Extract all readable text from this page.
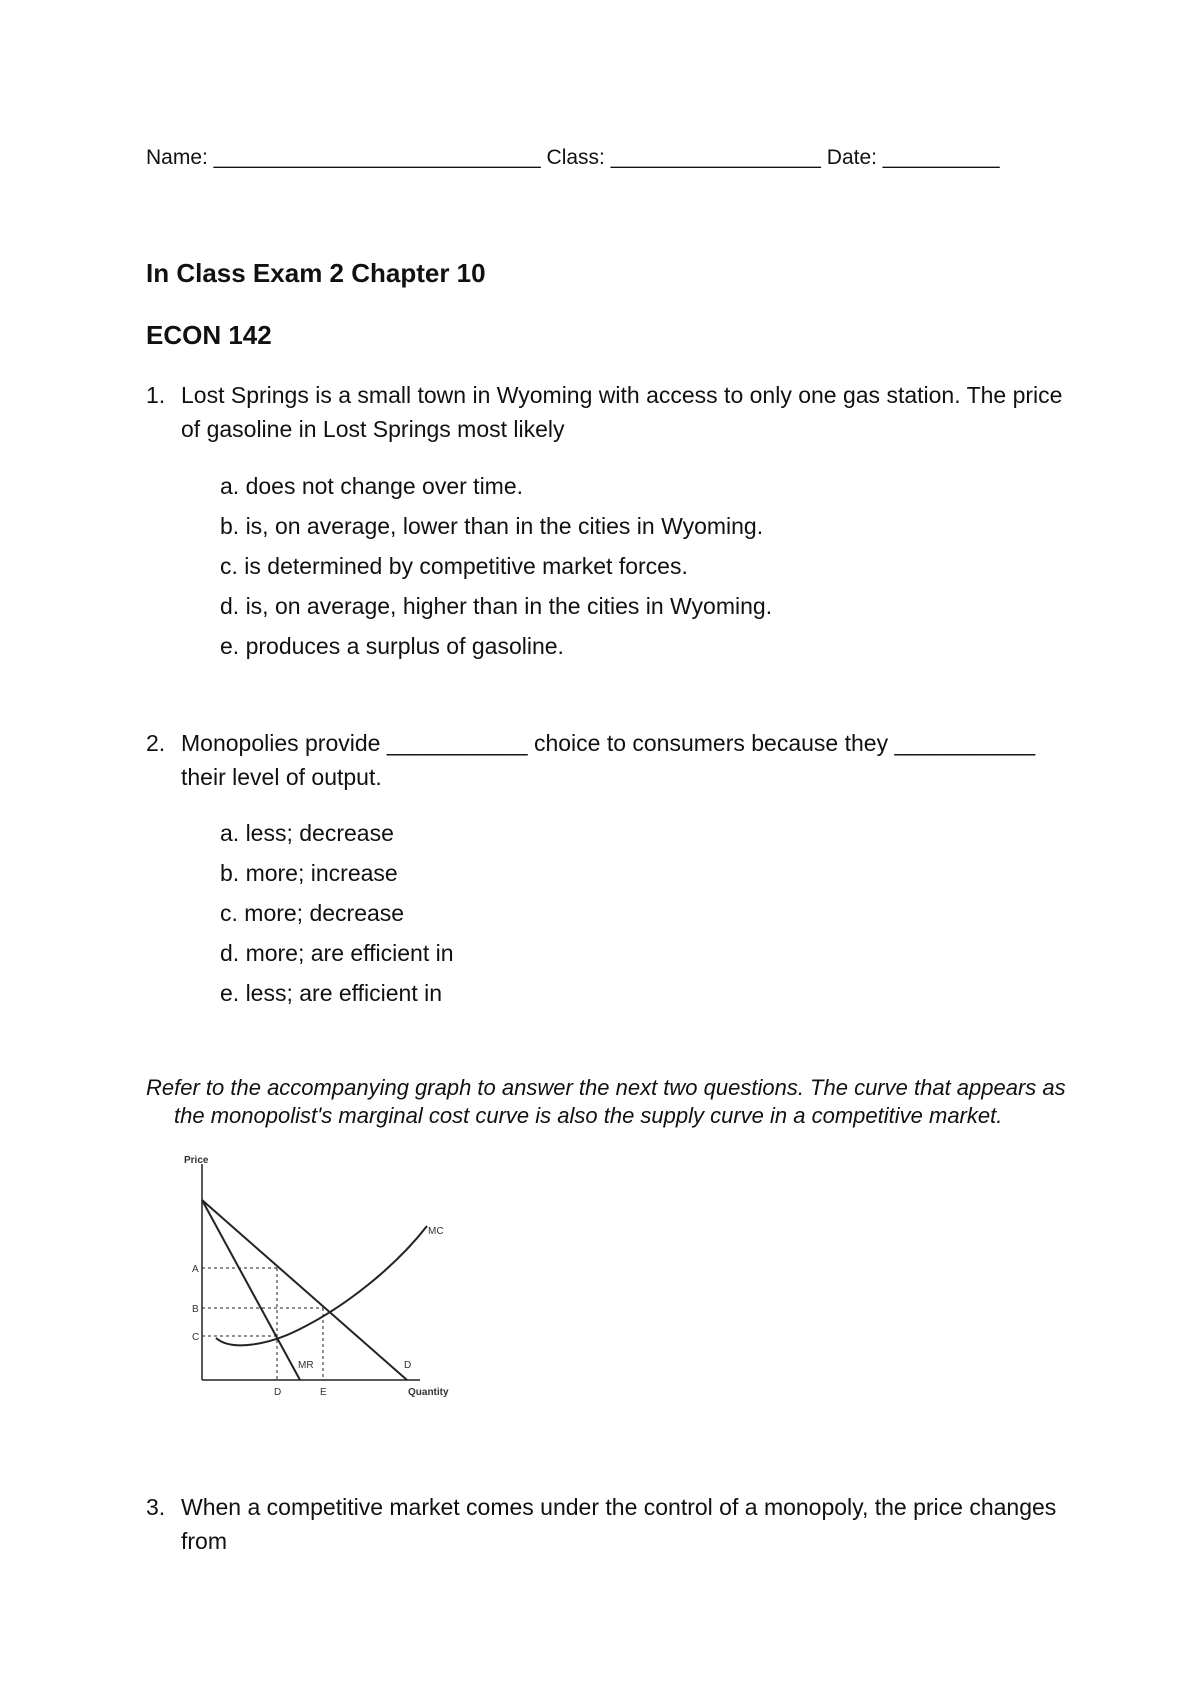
Name: ____________________________ Class: __________________ Date: __________
In Class Exam 2 Chapter 10
ECON 142
1. Lost Springs is a small town in Wyoming with access to only one gas station. The price of gasoline in Lost Springs most likely
a. does not change over time.
b. is, on average, lower than in the cities in Wyoming.
c. is determined by competitive market forces.
d. is, on average, higher than in the cities in Wyoming.
e. produces a surplus of gasoline.
2. Monopolies provide ___________ choice to consumers because they ___________ their level of output.
a. less; decrease
b. more; increase
c. more; decrease
d. more; are efficient in
e. less; are efficient in
Refer to the accompanying graph to answer the next two questions. The curve that appears as the monopolist's marginal cost curve is also the supply curve in a competitive market.
Price
Quantity
A
B
C
D	E
MC
MR	D
3. When a competitive market comes under the control of a monopoly, the price changes from
